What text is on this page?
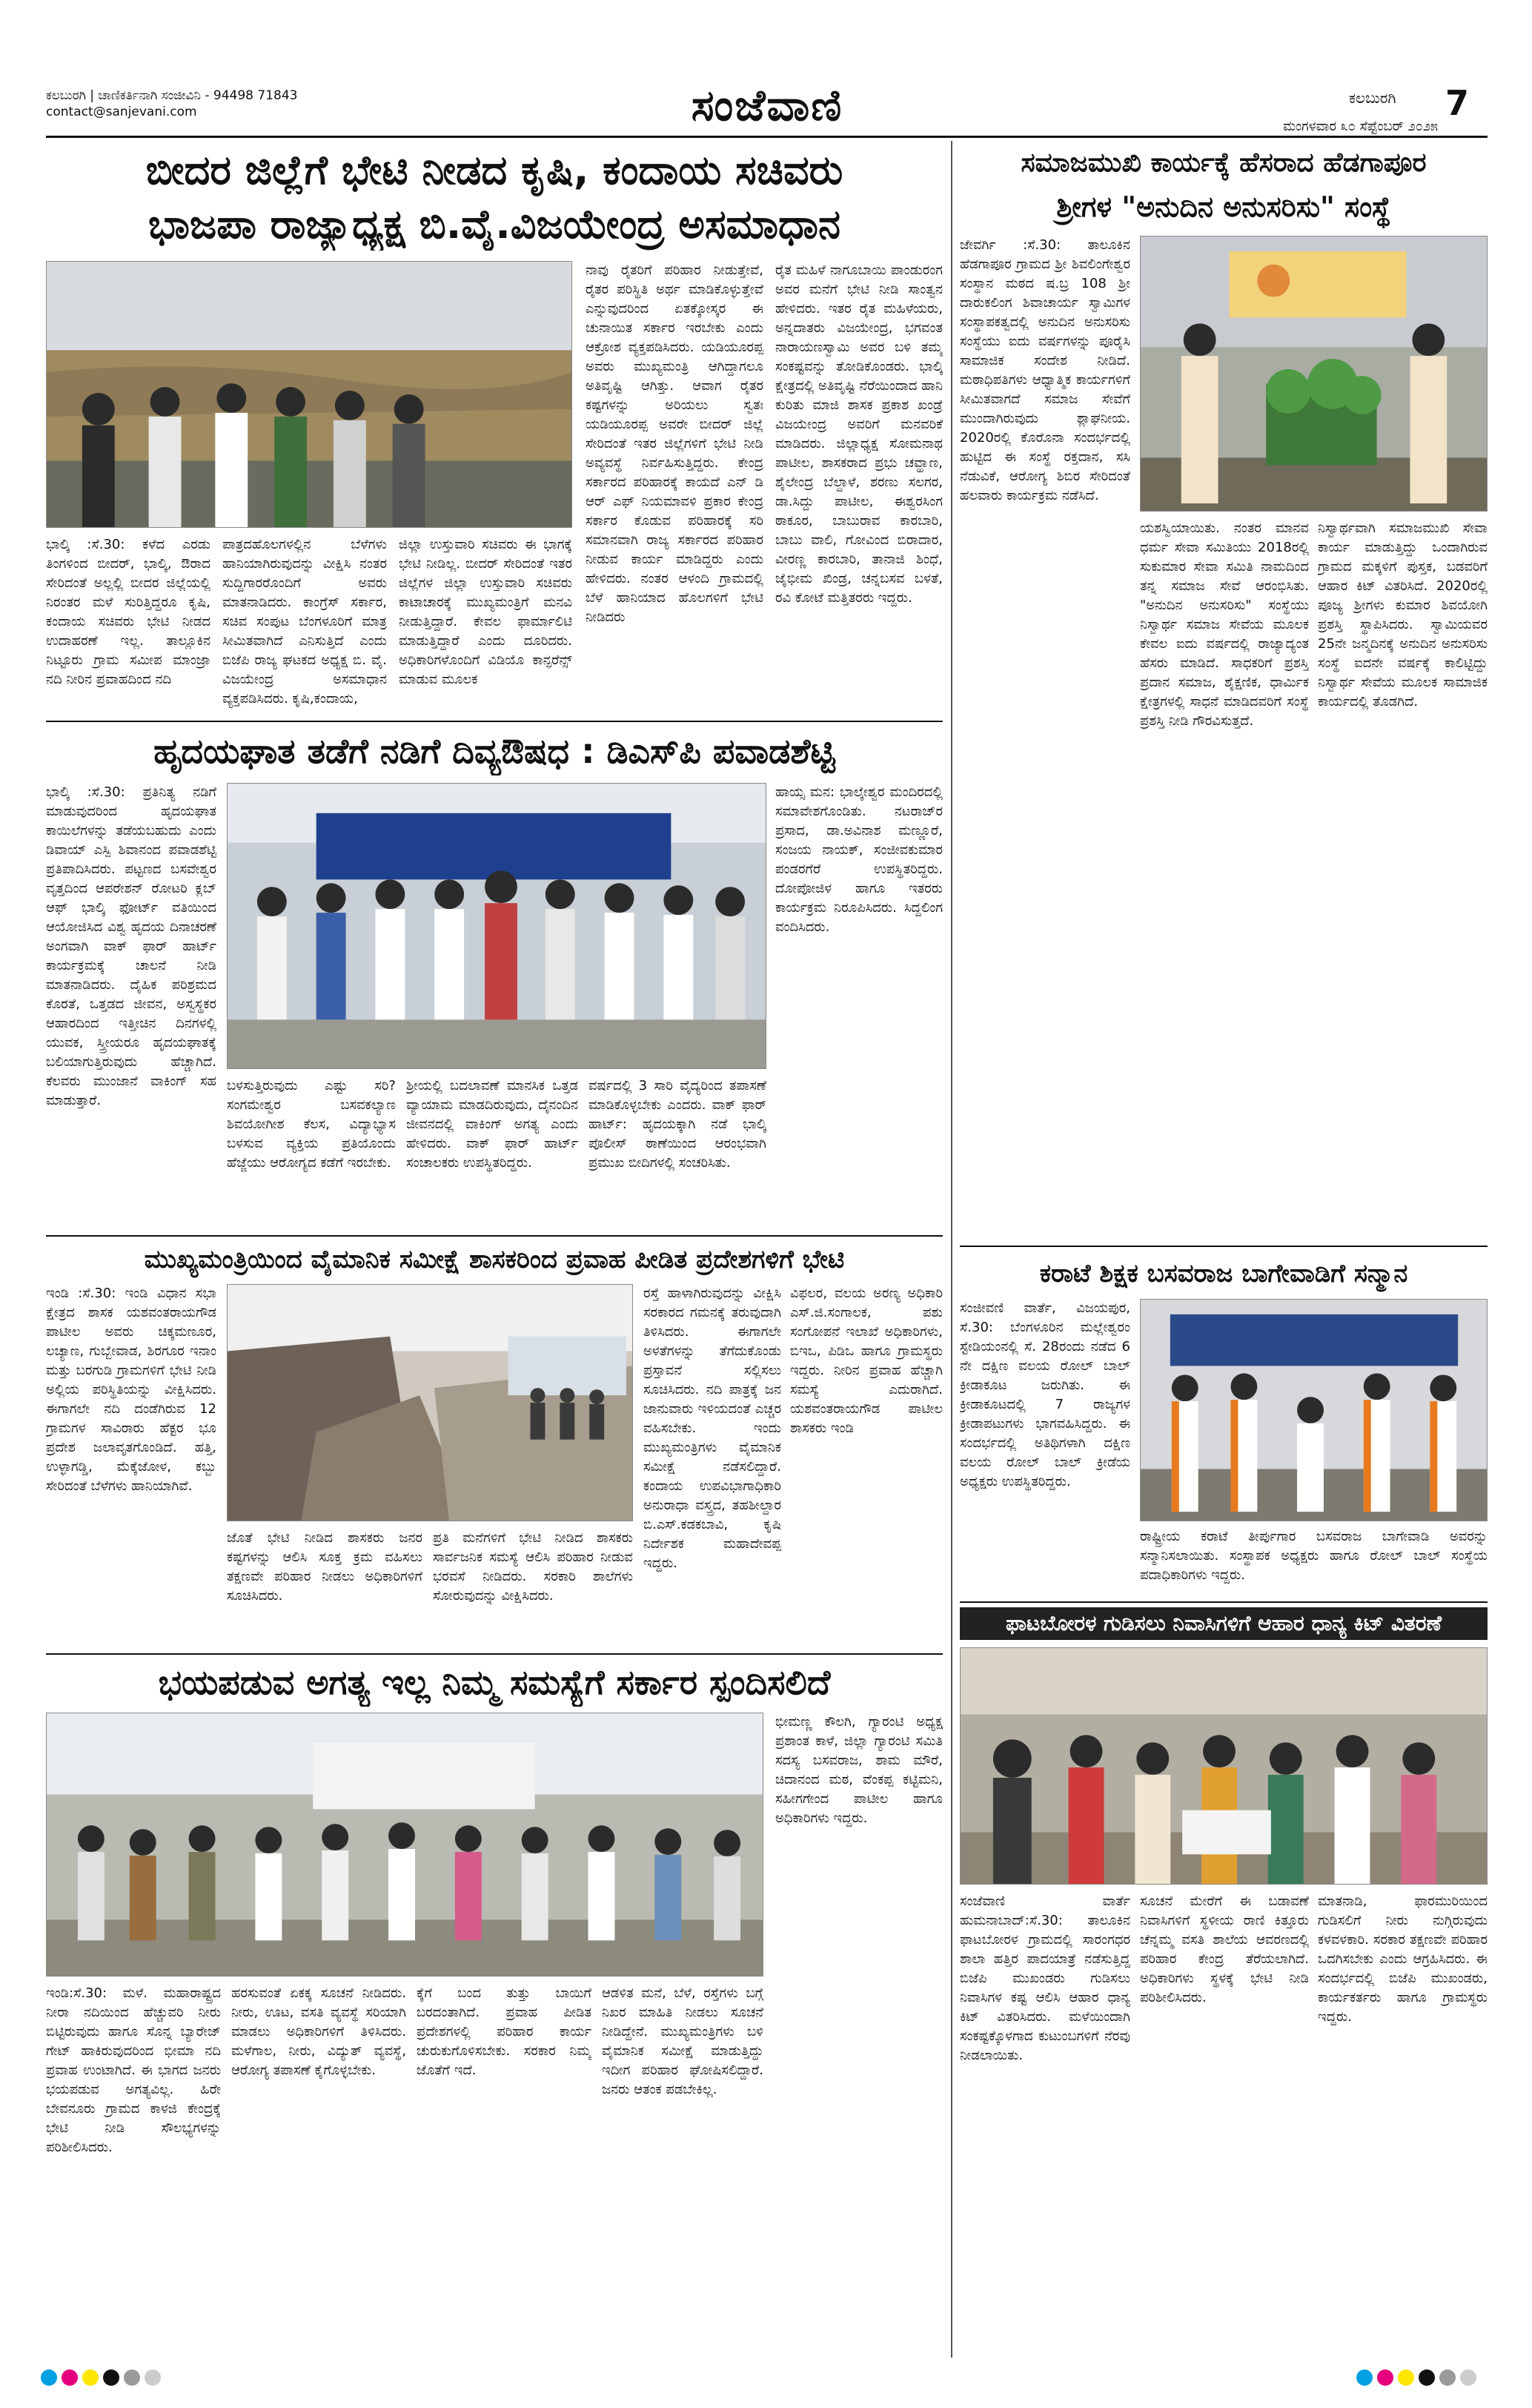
ಕಲಬುರಗಿ | ಚಾಣಿಕರ್ತಿನಾಗಿ ಸಂಜೀವಿನಿ - 94498 71843
contact@sanjevani.com	ಸಂಜೆವಾಣಿ	ಕಲಬುರಗಿ	7
ಮಂಗಳವಾರ ೩೦ ಸೆಪ್ಟೆಂಬರ್ ೨೦೨೫
ಬೀದರ ಜಿಲ್ಲೆಗೆ ಭೇಟಿ ನೀಡದ ಕೃಷಿ, ಕಂದಾಯ ಸಚಿವರು
ಭಾಜಪಾ ರಾಜ್ಯಾಧ್ಯಕ್ಷ ಬಿ.ವೈ.ವಿಜಯೇಂದ್ರ ಅಸಮಾಧಾನ
ಭಾಲ್ಕಿ :ಸೆ.30: ಕಳೆದ ಎರಡು ತಿಂಗಳಿಂದ ಬೀದರ್, ಭಾಲ್ಕಿ, ಔರಾದ ಸೇರಿದಂತೆ ಅಲ್ಲಲ್ಲಿ ಬೀದರ ಜಿಲ್ಲೆಯಲ್ಲಿ ನಿರಂತರ ಮಳೆ ಸುರಿತ್ತಿದ್ದರೂ ಕೃಷಿ, ಕಂದಾಯ ಸಚಿವರು ಭೇಟಿ ನೀಡದ ಉದಾಹರಣೆ ಇಲ್ಲ. ತಾಲ್ಲೂಕಿನ ನಿಟ್ಟೂರು ಗ್ರಾಮ ಸಮೀಪ ಮಾಂಜ್ರಾ ನದಿ ನೀರಿನ ಪ್ರವಾಹದಿಂದ ನದಿ
ಪಾತ್ರದಹೊಲಗಳಲ್ಲಿನ ಬೆಳೆಗಳು ಹಾನಿಯಾಗಿರುವುದನ್ನು ವೀಕ್ಷಿಸಿ ನಂತರ ಸುದ್ದಿಗಾರರೊಂದಿಗೆ ಅವರು ಮಾತನಾಡಿದರು. ಕಾಂಗ್ರೆಸ್ ಸರ್ಕಾರ, ಸಚಿವ ಸಂಪುಟ ಬೆಂಗಳೂರಿಗೆ ಮಾತ್ರ ಸೀಮಿತವಾಗಿದೆ ಎನಿಸುತ್ತಿದೆ ಎಂದು ಬಿಜೆಪಿ ರಾಜ್ಯ ಘಟಕದ ಅಧ್ಯಕ್ಷ ಬಿ. ವೈ. ವಿಜಯೇಂದ್ರ ಅಸಮಾಧಾನ ವ್ಯಕ್ತಪಡಿಸಿದರು. ಕೃಷಿ,ಕಂದಾಯ,
ಜಿಲ್ಲಾ ಉಸ್ತುವಾರಿ ಸಚಿವರು ಈ ಭಾಗಕ್ಕೆ ಭೇಟಿ ನೀಡಿಲ್ಲ. ಬೀದರ್ ಸೇರಿದಂತೆ ಇತರ ಜಿಲ್ಲೆಗಳ ಜಿಲ್ಲಾ ಉಸ್ತುವಾರಿ ಸಚಿವರು ಕಾಟಾಚಾರಕ್ಕೆ ಮುಖ್ಯಮಂತ್ರಿಗೆ ಮನವಿ ನೀಡುತ್ತಿದ್ದಾರೆ. ಕೇವಲ ಫಾರ್ಮಾಲಿಟಿ ಮಾಡುತ್ತಿದ್ದಾರೆ ಎಂದು ದೂರಿದರು. ಅಧಿಕಾರಿಗಳೊಂದಿಗೆ ವಿಡಿಯೊ ಕಾನ್ಫರೆನ್ಸ್ ಮಾಡುವ ಮೂಲಕ
ನಾವು ರೈತರಿಗೆ ಪರಿಹಾರ ನೀಡುತ್ತೇವೆ, ರೈತರ ಪರಿಸ್ಥಿತಿ ಅರ್ಥ ಮಾಡಿಕೊಳ್ಳುತ್ತೇವೆ ಎನ್ನುವುದರಿಂದ ಏತಕ್ಕೋಸ್ಕರ ಈ ಚುನಾಯಿತ ಸರ್ಕಾರ ಇರಬೇಕು ಎಂದು ಆಕ್ರೋಶ ವ್ಯಕ್ತಪಡಿಸಿದರು. ಯಡಿಯೂರಪ್ಪ ಅವರು ಮುಖ್ಯಮಂತ್ರಿ ಆಗಿದ್ದಾಗಲೂ ಅತಿವೃಷ್ಟಿ ಆಗಿತ್ತು. ಆವಾಗ ರೈತರ ಕಷ್ಟಗಳನ್ನು ಅರಿಯಲು ಸ್ವತಃ ಯಡಿಯೂರಪ್ಪ ಅವರೇ ಬೀದರ್ ಜಿಲ್ಲೆ ಸೇರಿದಂತೆ ಇತರ ಜಿಲ್ಲೆಗಳಿಗೆ ಭೇಟಿ ನೀಡಿ ಅವ್ಯವಸ್ಥೆ ನಿರ್ವಹಿಸುತ್ತಿದ್ದರು. ಕೇಂದ್ರ ಸರ್ಕಾರದ ಪರಿಹಾರಕ್ಕೆ ಕಾಯದೆ ಎನ್ ಡಿ ಆರ್ ಎಫ್ ನಿಯಮಾವಳಿ ಪ್ರಕಾರ ಕೇಂದ್ರ ಸರ್ಕಾರ ಕೊಡುವ ಪರಿಹಾರಕ್ಕೆ ಸರಿ ಸಮಾನವಾಗಿ ರಾಜ್ಯ ಸರ್ಕಾರದ ಪರಿಹಾರ ನೀಡುವ ಕಾರ್ಯ ಮಾಡಿದ್ದರು ಎಂದು ಹೇಳಿದರು. ನಂತರ ಆಳಂದಿ ಗ್ರಾಮದಲ್ಲಿ ಬೆಳೆ ಹಾನಿಯಾದ ಹೊಲಗಳಿಗೆ ಭೇಟಿ ನೀಡಿದರು
ರೈತ ಮಹಿಳೆ ನಾಗೂಬಾಯಿ ಪಾಂಡುರಂಗ ಅವರ ಮನೆಗೆ ಭೇಟಿ ನೀಡಿ ಸಾಂತ್ವನ ಹೇಳಿದರು. ಇತರ ರೈತ ಮಹಿಳೆಯರು, ಅನ್ನದಾತರು ವಿಜಯೇಂದ್ರ, ಭಗವಂತ ನಾರಾಯಣಸ್ವಾಮಿ ಅವರ ಬಳಿ ತಮ್ಮ ಸಂಕಷ್ಟವನ್ನು ತೋಡಿಕೊಂಡರು. ಭಾಲ್ಕಿ ಕ್ಷೇತ್ರದಲ್ಲಿ ಅತಿವೃಷ್ಟಿ ನೆರೆಯಿಂದಾದ ಹಾನಿ ಕುರಿತು ಮಾಜಿ ಶಾಸಕ ಪ್ರಕಾಶ ಖಂಡ್ರೆ ವಿಜಯೇಂದ್ರ ಅವರಿಗೆ ಮನವರಿಕೆ ಮಾಡಿದರು. ಜಿಲ್ಲಾಧ್ಯಕ್ಷ ಸೋಮನಾಥ ಪಾಟೀಲ, ಶಾಸಕರಾದ ಪ್ರಭು ಚವ್ಹಾಣ, ಶೈಲೇಂದ್ರ ಬೆಲ್ದಾಳೆ, ಶರಣು ಸಲಗರ, ಡಾ.ಸಿದ್ದು ಪಾಟೀಲ, ಈಶ್ವರಸಿಂಗ ಠಾಕೂರ, ಬಾಬುರಾವ ಕಾರಬಾರಿ, ಬಾಬು ವಾಲಿ, ಗೋವಿಂದ ಬಿರಾದಾರ, ವೀರಣ್ಣ ಕಾರಬಾರಿ, ತಾನಾಜಿ ಶಿಂಧೆ, ಜೈಭೀಮ ಖಿಂಡ್ರ, ಚನ್ನಬಸವ ಬಳತೆ, ರವಿ ಕೋಟೆ ಮತ್ತಿತರರು ಇದ್ದರು.
ಹೃದಯಘಾತ ತಡೆಗೆ ನಡಿಗೆ ದಿವ್ಯಔಷಧ : ಡಿಎಸ್‌ಪಿ ಪವಾಡಶೆಟ್ಟಿ
ಭಾಲ್ಕಿ :ಸೆ.30: ಪ್ರತಿನಿತ್ಯ ನಡಿಗೆ ಮಾಡುವುದರಿಂದ ಹೃದಯಘಾತ ಕಾಯಿಲೆಗಳನ್ನು ತಡೆಯಬಹುದು ಎಂದು ಡಿವಾಯ್ ಎಸ್ಪಿ ಶಿವಾನಂದ ಪವಾಡಶೆಟ್ಟಿ ಪ್ರತಿಪಾದಿಸಿದರು. ಪಟ್ಟಣದ ಬಸವೇಶ್ವರ ವೃತ್ತದಿಂದ ಆಪರೇಶನ್ ರೋಟರಿ ಕ್ಲಬ್ ಆಫ್ ಭಾಲ್ಕಿ ಫೋರ್ಟ್ ವತಿಯಿಂದ ಆಯೋಜಿಸಿದ ವಿಶ್ವ ಹೃದಯ ದಿನಾಚರಣೆ ಅಂಗವಾಗಿ ವಾಕ್ ಫಾರ್ ಹಾರ್ಟ್ ಕಾರ್ಯಕ್ರಮಕ್ಕೆ ಚಾಲನೆ ನೀಡಿ ಮಾತನಾಡಿದರು. ದೈಹಿಕ ಪರಿಶ್ರಮದ ಕೊರತೆ, ಒತ್ತಡದ ಜೀವನ, ಅಸ್ವಸ್ಥಕರ ಆಹಾರದಿಂದ ಇತ್ತೀಚಿನ ದಿನಗಳಲ್ಲಿ ಯುವಕ, ಸ್ತ್ರೀಯರೂ ಹೃದಯಘಾತಕ್ಕೆ ಬಲಿಯಾಗುತ್ತಿರುವುದು ಹೆಚ್ಚಾಗಿದೆ. ಕೆಲವರು ಮುಂಜಾನೆ ವಾಕಿಂಗ್ ಸಹ ಮಾಡುತ್ತಾರೆ.
ಬಳಸುತ್ತಿರುವುದು ಎಷ್ಟು ಸರಿ? ಸಂಗಮೇಶ್ವರ ಬಸವಕಲ್ಯಾಣ ಶಿವಯೋಗೀಶ ಕೆಲಸ, ವಿದ್ಯಾಭ್ಯಾಸ ಬಳಸುವ ವ್ಯಕ್ತಿಯ ಪ್ರತಿಯೊಂದು ಹೆಜ್ಜೆಯು ಆರೋಗ್ಯದ ಕಡೆಗೆ ಇರಬೇಕು.
ಶ್ರೀಯಲ್ಲಿ ಬದಲಾವಣೆ ಮಾನಸಿಕ ಒತ್ತಡ ವ್ಯಾಯಾಮ ಮಾಡದಿರುವುದು, ದೈನಂದಿನ ಜೀವನದಲ್ಲಿ ವಾಕಿಂಗ್ ಅಗತ್ಯ ಎಂದು ಹೇಳಿದರು. ವಾಕ್ ಫಾರ್ ಹಾರ್ಟ್ ಸಂಚಾಲಕರು ಉಪಸ್ಥಿತರಿದ್ದರು.
ವರ್ಷದಲ್ಲಿ 3 ಸಾರಿ ವೈದ್ಯರಿಂದ ತಪಾಸಣೆ ಮಾಡಿಕೊಳ್ಳಬೇಕು ಎಂದರು. ವಾಕ್ ಫಾರ್ ಹಾರ್ಟ್: ಹೃದಯಕ್ಕಾಗಿ ನಡೆ ಭಾಲ್ಕಿ ಪೊಲೀಸ್ ಠಾಣೆಯಿಂದ ಆರಂಭವಾಗಿ ಪ್ರಮುಖ ಬೀದಿಗಳಲ್ಲಿ ಸಂಚರಿಸಿತು.
ಹಾಯ್ಸ ಮನ: ಭಾಲ್ಕೇಶ್ವರ ಮಂದಿರದಲ್ಲಿ ಸಮಾವೇಶಗೊಂಡಿತು. ನಟರಾಜ್‌ರ ಪ್ರಸಾದ, ಡಾ.ಅವಿನಾಶ ಮಣ್ಣೂರೆ, ಸಂಜಯ ನಾಯಕ್, ಸಂಜೀವಕುಮಾರ ಪಂಡರಗೆರೆ ಉಪಸ್ಥಿತರಿದ್ದರು. ದೋಪೋಜಿಳ ಹಾಗೂ ಇತರರು ಕಾರ್ಯಕ್ರಮ ನಿರೂಪಿಸಿದರು. ಸಿದ್ದಲಿಂಗ ವಂದಿಸಿದರು.
ಮುಖ್ಯಮಂತ್ರಿಯಿಂದ ವೈಮಾನಿಕ ಸಮೀಕ್ಷೆ ಶಾಸಕರಿಂದ ಪ್ರವಾಹ ಪೀಡಿತ ಪ್ರದೇಶಗಳಿಗೆ ಭೇಟಿ
ಇಂಡಿ :ಸೆ.30: ಇಂಡಿ ವಿಧಾನ ಸಭಾ ಕ್ಷೇತ್ರದ ಶಾಸಕ ಯಶವಂತರಾಯಗೌಡ ಪಾಟೀಲ ಅವರು ಚಿಕ್ಕಮಣೂರ, ಲಚ್ಯಾಣ, ಗುಬ್ಬೇವಾಡ, ಶಿರಗೂರ ಇನಾಂ ಮತ್ತು ಬರಗುಡಿ ಗ್ರಾಮಗಳಿಗೆ ಭೇಟಿ ನೀಡಿ ಅಲ್ಲಿಯ ಪರಿಸ್ಥಿತಿಯನ್ನು ವೀಕ್ಷಿಸಿದರು. ಈಗಾಗಲೇ ನದಿ ದಂಡೆಗಿರುವ 12 ಗ್ರಾಮಗಳ ಸಾವಿರಾರು ಹೆಕ್ಟರ ಭೂ ಪ್ರದೇಶ ಜಲಾವೃತಗೊಂಡಿದೆ. ಹತ್ತಿ, ಉಳ್ಳಾಗಡ್ಡಿ, ಮೆಕ್ಕೆಜೋಳ, ಕಬ್ಬು ಸೇರಿದಂತೆ ಬೆಳೆಗಳು ಹಾನಿಯಾಗಿವೆ.
ಜೊತೆ ಭೇಟಿ ನೀಡಿದ ಶಾಸಕರು ಜನರ ಕಷ್ಟಗಳನ್ನು ಆಲಿಸಿ ಸೂಕ್ತ ಕ್ರಮ ವಹಿಸಲು ತಕ್ಷಣವೇ ಪರಿಹಾರ ನೀಡಲು ಅಧಿಕಾರಿಗಳಿಗೆ ಸೂಚಿಸಿದರು.
ಪ್ರತಿ ಮನೆಗಳಿಗೆ ಭೇಟಿ ನೀಡಿದ ಶಾಸಕರು ಸಾರ್ವಜನಿಕ ಸಮಸ್ಯೆ ಆಲಿಸಿ ಪರಿಹಾರ ನೀಡುವ ಭರವಸೆ ನೀಡಿದರು. ಸರಕಾರಿ ಶಾಲೆಗಳು ಸೋರುವುದನ್ನು ವೀಕ್ಷಿಸಿದರು.
ರಸ್ತೆ ಹಾಳಾಗಿರುವುದನ್ನು ವೀಕ್ಷಿಸಿ ಸರಕಾರದ ಗಮನಕ್ಕೆ ತರುವುದಾಗಿ ತಿಳಿಸಿದರು. ಈಗಾಗಲೇ ಅಳತೆಗಳನ್ನು ತೆಗೆದುಕೊಂಡು ಪ್ರಸ್ತಾವನೆ ಸಲ್ಲಿಸಲು ಸೂಚಿಸಿದರು. ನದಿ ಪಾತ್ರಕ್ಕೆ ಜನ ಜಾನುವಾರು ಇಳಿಯದಂತೆ ಎಚ್ಚರ ವಹಿಸಬೇಕು. ಇಂದು ಮುಖ್ಯಮಂತ್ರಿಗಳು ವೈಮಾನಿಕ ಸಮೀಕ್ಷೆ ನಡೆಸಲಿದ್ದಾರೆ. ಕಂದಾಯ ಉಪವಿಭಾಗಾಧಿಕಾರಿ ಅನುರಾಧಾ ವಸ್ತ್ರದ, ತಹಶೀಲ್ದಾರ ಬಿ.ಎಸ್.ಕಡಕಬಾವಿ, ಕೃಷಿ ನಿರ್ದೇಶಕ ಮಹಾದೇವಪ್ಪ ಇದ್ದರು.
ವಿಫಲರ, ವಲಯ ಅರಣ್ಯ ಅಧಿಕಾರಿ ಎಸ್.ಜಿ.ಸಂಗಾಲಕ, ಪಶು ಸಂಗೋಪನೆ ಇಲಾಖೆ ಅಧಿಕಾರಿಗಳು, ಬಿಇಒ, ಪಿಡಿಒ ಹಾಗೂ ಗ್ರಾಮಸ್ಥರು ಇದ್ದರು. ನೀರಿನ ಪ್ರವಾಹ ಹೆಚ್ಚಾಗಿ ಸಮಸ್ಯೆ ಎದುರಾಗಿದೆ. ಯಶವಂತರಾಯಗೌಡ ಪಾಟೀಲ ಶಾಸಕರು ಇಂಡಿ
ಭಯಪಡುವ ಅಗತ್ಯ ಇಲ್ಲ ನಿಮ್ಮ ಸಮಸ್ಯೆಗೆ ಸರ್ಕಾರ ಸ್ಪಂದಿಸಲಿದೆ
ಇಂಡಿ:ಸೆ.30: ಮಳೆ. ಮಹಾರಾಷ್ಟ್ರದ ನೀರಾ ನದಿಯಿಂದ ಹೆಚ್ಚುವರಿ ನೀರು ಬಿಟ್ಟಿರುವುದು ಹಾಗೂ ಸೊನ್ನ ಬ್ಯಾರೇಜ್ ಗೇಟ್ ಹಾಕಿರುವುದರಿಂದ ಭೀಮಾ ನದಿ ಪ್ರವಾಹ ಉಂಟಾಗಿದೆ. ಈ ಭಾಗದ ಜನರು ಭಯಪಡುವ ಅಗತ್ಯವಿಲ್ಲ. ಹಿರೇ ಬೇವನೂರು ಗ್ರಾಮದ ಕಾಳಜಿ ಕೇಂದ್ರಕ್ಕೆ ಭೇಟಿ ನೀಡಿ ಸೌಲಭ್ಯಗಳನ್ನು ಪರಿಶೀಲಿಸಿದರು.
ಹರಸುವಂತೆ ಏಕಕ್ಕ ಸೂಚನೆ ನೀಡಿದರು. ನೀರು, ಊಟ, ವಸತಿ ವ್ಯವಸ್ಥೆ ಸರಿಯಾಗಿ ಮಾಡಲು ಅಧಿಕಾರಿಗಳಿಗೆ ತಿಳಿಸಿದರು. ಮಳೆಗಾಲ, ನೀರು, ವಿದ್ಯುತ್ ವ್ಯವಸ್ಥೆ, ಆರೋಗ್ಯ ತಪಾಸಣೆ ಕೈಗೊಳ್ಳಬೇಕು.
ಕ್ಕೆಗೆ ಬಂದ ತುತ್ತು ಬಾಯಿಗೆ ಬರದಂತಾಗಿದೆ. ಪ್ರವಾಹ ಪೀಡಿತ ಪ್ರದೇಶಗಳಲ್ಲಿ ಪರಿಹಾರ ಕಾರ್ಯ ಚುರುಕುಗೊಳಿಸಬೇಕು. ಸರಕಾರ ನಿಮ್ಮ ಜೊತೆಗೆ ಇದೆ.
ಆಡಳಿತ ಮನೆ, ಬೆಳೆ, ರಸ್ತೆಗಳು ಬಗ್ಗೆ ನಿಖರ ಮಾಹಿತಿ ನೀಡಲು ಸೂಚನೆ ನೀಡಿದ್ದೇನೆ. ಮುಖ್ಯಮಂತ್ರಿಗಳು ಬಳಿ ವೈಮಾನಿಕ ಸಮೀಕ್ಷೆ ಮಾಡುತ್ತಿದ್ದು ಇದೀಗ ಪರಿಹಾರ ಘೋಷಿಸಲಿದ್ದಾರೆ. ಜನರು ಆತಂಕ ಪಡಬೇಕಿಲ್ಲ.
ಭೀಮಣ್ಣ ಕೌಲಗಿ, ಗ್ಯಾರಂಟಿ ಅಧ್ಯಕ್ಷ ಪ್ರಶಾಂತ ಕಾಳೆ, ಜಿಲ್ಲಾ ಗ್ಯಾರಂಟಿ ಸಮಿತಿ ಸದಸ್ಯ ಬಸವರಾಜ, ಶಾಮ ಮೌರೆ, ಚಿದಾನಂದ ಮಠ, ವೆಂಕಪ್ಪ ಕಟ್ಟಿಮನಿ, ಸಹೀಗಗೇಂದ ಪಾಟೀಲ ಹಾಗೂ ಅಧಿಕಾರಿಗಳು ಇದ್ದರು.
ಸಮಾಜಮುಖಿ ಕಾರ್ಯಕ್ಕೆ ಹೆಸರಾದ ಹೆಡಗಾಪೂರ
ಶ್ರೀಗಳ "ಅನುದಿನ ಅನುಸರಿಸು" ಸಂಸ್ಥೆ
ಜೇವರ್ಗಿ :ಸೆ.30: ತಾಲೂಕಿನ ಹೆಡಗಾಪೂರ ಗ್ರಾಮದ ಶ್ರೀ ಶಿವಲಿಂಗೇಶ್ವರ ಸಂಸ್ಥಾನ ಮಠದ ಷ.ಬ್ರ 108 ಶ್ರೀ ದಾರುಕಲಿಂಗ ಶಿವಾಚಾರ್ಯ ಸ್ವಾಮಿಗಳ ಸಂಸ್ಥಾಪಕತ್ವದಲ್ಲಿ ಅನುದಿನ ಅನುಸರಿಸು ಸಂಸ್ಥೆಯು ಐದು ವರ್ಷಗಳನ್ನು ಪೂರೈಸಿ ಸಾಮಾಜಿಕ ಸಂದೇಶ ನೀಡಿದೆ. ಮಠಾಧಿಪತಿಗಳು ಆಧ್ಯಾತ್ಮಿಕ ಕಾರ್ಯಗಳಿಗೆ ಸೀಮಿತವಾಗದೆ ಸಮಾಜ ಸೇವೆಗೆ ಮುಂದಾಗಿರುವುದು ಶ್ಲಾಘನೀಯ. 2020ರಲ್ಲಿ ಕೊರೊನಾ ಸಂದರ್ಭದಲ್ಲಿ ಹುಟ್ಟಿದ ಈ ಸಂಸ್ಥೆ ರಕ್ತದಾನ, ಸಸಿ ನೆಡುವಿಕೆ, ಆರೋಗ್ಯ ಶಿಬಿರ ಸೇರಿದಂತೆ ಹಲವಾರು ಕಾರ್ಯಕ್ರಮ ನಡೆಸಿದೆ.
ಯಶಸ್ವಿಯಾಯಿತು. ನಂತರ ಮಾನವ ಧರ್ಮ ಸೇವಾ ಸಮಿತಿಯು 2018ರಲ್ಲಿ ಸುಕುಮಾರ ಸೇವಾ ಸಮಿತಿ ನಾಮದಿಂದ ತನ್ನ ಸಮಾಜ ಸೇವೆ ಆರಂಭಿಸಿತು. "ಅನುದಿನ ಅನುಸರಿಸು" ಸಂಸ್ಥೆಯು ನಿಸ್ವಾರ್ಥ ಸಮಾಜ ಸೇವೆಯ ಮೂಲಕ ಕೇವಲ ಐದು ವರ್ಷದಲ್ಲಿ ರಾಜ್ಯಾದ್ಯಂತ ಹೆಸರು ಮಾಡಿದೆ. ಸಾಧಕರಿಗೆ ಪ್ರಶಸ್ತಿ ಪ್ರದಾನ ಸಮಾಜ, ಶೈಕ್ಷಣಿಕ, ಧಾರ್ಮಿಕ ಕ್ಷೇತ್ರಗಳಲ್ಲಿ ಸಾಧನೆ ಮಾಡಿದವರಿಗೆ ಸಂಸ್ಥೆ ಪ್ರಶಸ್ತಿ ನೀಡಿ ಗೌರವಿಸುತ್ತದೆ.
ನಿಸ್ವಾರ್ಥವಾಗಿ ಸಮಾಜಮುಖಿ ಸೇವಾ ಕಾರ್ಯ ಮಾಡುತ್ತಿದ್ದು ಒಂದಾಗಿರುವ ಗ್ರಾಮದ ಮಕ್ಕಳಿಗೆ ಪುಸ್ತಕ, ಬಡವರಿಗೆ ಆಹಾರ ಕಿಟ್ ವಿತರಿಸಿದೆ. 2020ರಲ್ಲಿ ಪೂಜ್ಯ ಶ್ರೀಗಳು ಕುಮಾರ ಶಿವಯೋಗಿ ಪ್ರಶಸ್ತಿ ಸ್ಥಾಪಿಸಿದರು. ಸ್ವಾಮಿಯವರ 25ನೇ ಜನ್ಮದಿನಕ್ಕೆ ಅನುದಿನ ಅನುಸರಿಸು ಸಂಸ್ಥೆ ಐದನೇ ವರ್ಷಕ್ಕೆ ಕಾಲಿಟ್ಟಿದ್ದು ನಿಸ್ವಾರ್ಥ ಸೇವೆಯ ಮೂಲಕ ಸಾಮಾಜಿಕ ಕಾರ್ಯದಲ್ಲಿ ತೊಡಗಿದೆ.
ಕರಾಟೆ ಶಿಕ್ಷಕ ಬಸವರಾಜ ಬಾಗೇವಾಡಿಗೆ ಸನ್ಮಾನ
ಸಂಜೀವಣಿ ವಾರ್ತೆ, ವಿಜಯಪುರ, ಸೆ.30: ಬೆಂಗಳೂರಿನ ಮಲ್ಲೇಶ್ವರಂ ಸ್ಟೇಡಿಯಂನಲ್ಲಿ ಸೆ. 28ರಂದು ನಡೆದ 6 ನೇ ದಕ್ಷಿಣ ವಲಯ ರೋಲ್ ಬಾಲ್ ಕ್ರೀಡಾಕೂಟ ಜರುಗಿತು. ಈ ಕ್ರೀಡಾಕೂಟದಲ್ಲಿ 7 ರಾಜ್ಯಗಳ ಕ್ರೀಡಾಪಟುಗಳು ಭಾಗವಹಿಸಿದ್ದರು. ಈ ಸಂದರ್ಭದಲ್ಲಿ ಅತಿಥಿಗಳಾಗಿ ದಕ್ಷಿಣ ವಲಯ ರೋಲ್ ಬಾಲ್ ಕ್ರೀಡೆಯ ಅಧ್ಯಕ್ಷರು ಉಪಸ್ಥಿತರಿದ್ದರು.
ರಾಷ್ಟ್ರೀಯ ಕರಾಟೆ ತೀರ್ಪುಗಾರ ಬಸವರಾಜ ಬಾಗೇವಾಡಿ ಅವರನ್ನು ಸನ್ಮಾನಿಸಲಾಯಿತು. ಸಂಸ್ಥಾಪಕ ಅಧ್ಯಕ್ಷರು ಹಾಗೂ ರೋಲ್ ಬಾಲ್ ಸಂಸ್ಥೆಯ ಪದಾಧಿಕಾರಿಗಳು ಇದ್ದರು.
ಫಾಟಬೋರಳ ಗುಡಿಸಲು ನಿವಾಸಿಗಳಿಗೆ ಆಹಾರ ಧಾನ್ಯ ಕಿಟ್ ವಿತರಣೆ
ಸಂಜೆವಾಣಿ ವಾರ್ತೆ ಹುಮನಾಬಾದ್:ಸೆ.30: ತಾಲೂಕಿನ ಫಾಟಬೋರಳ ಗ್ರಾಮದಲ್ಲಿ ಸಾರಂಗಧರ ಶಾಲಾ ಹತ್ತಿರ ಪಾದಯಾತ್ರೆ ನಡೆಸುತ್ತಿದ್ದ ಬಿಜೆಪಿ ಮುಖಂಡರು ಗುಡಿಸಲು ನಿವಾಸಿಗಳ ಕಷ್ಟ ಆಲಿಸಿ ಆಹಾರ ಧಾನ್ಯ ಕಿಟ್ ವಿತರಿಸಿದರು. ಮಳೆಯಿಂದಾಗಿ ಸಂಕಷ್ಟಕ್ಕೊಳಗಾದ ಕುಟುಂಬಗಳಿಗೆ ನೆರವು ನೀಡಲಾಯಿತು.
ಸೂಚನೆ ಮೇರೆಗೆ ಈ ಬಡಾವಣೆ ನಿವಾಸಿಗಳಿಗೆ ಸ್ಥಳೀಯ ರಾಣಿ ಕಿತ್ತೂರು ಚೆನ್ನಮ್ಮ ವಸತಿ ಶಾಲೆಯ ಆವರಣದಲ್ಲಿ ಪರಿಹಾರ ಕೇಂದ್ರ ತೆರೆಯಲಾಗಿದೆ. ಅಧಿಕಾರಿಗಳು ಸ್ಥಳಕ್ಕೆ ಭೇಟಿ ನೀಡಿ ಪರಿಶೀಲಿಸಿದರು.
ಮಾತನಾಡಿ, ಫಾರಮುರಿಯಿಂದ ಗುಡಿಸಲಿಗೆ ನೀರು ನುಗ್ಗಿರುವುದು ಕಳವಳಕಾರಿ. ಸರಕಾರ ತಕ್ಷಣವೇ ಪರಿಹಾರ ಒದಗಿಸಬೇಕು ಎಂದು ಆಗ್ರಹಿಸಿದರು. ಈ ಸಂದರ್ಭದಲ್ಲಿ ಬಿಜೆಪಿ ಮುಖಂಡರು, ಕಾರ್ಯಕರ್ತರು ಹಾಗೂ ಗ್ರಾಮಸ್ಥರು ಇದ್ದರು.
